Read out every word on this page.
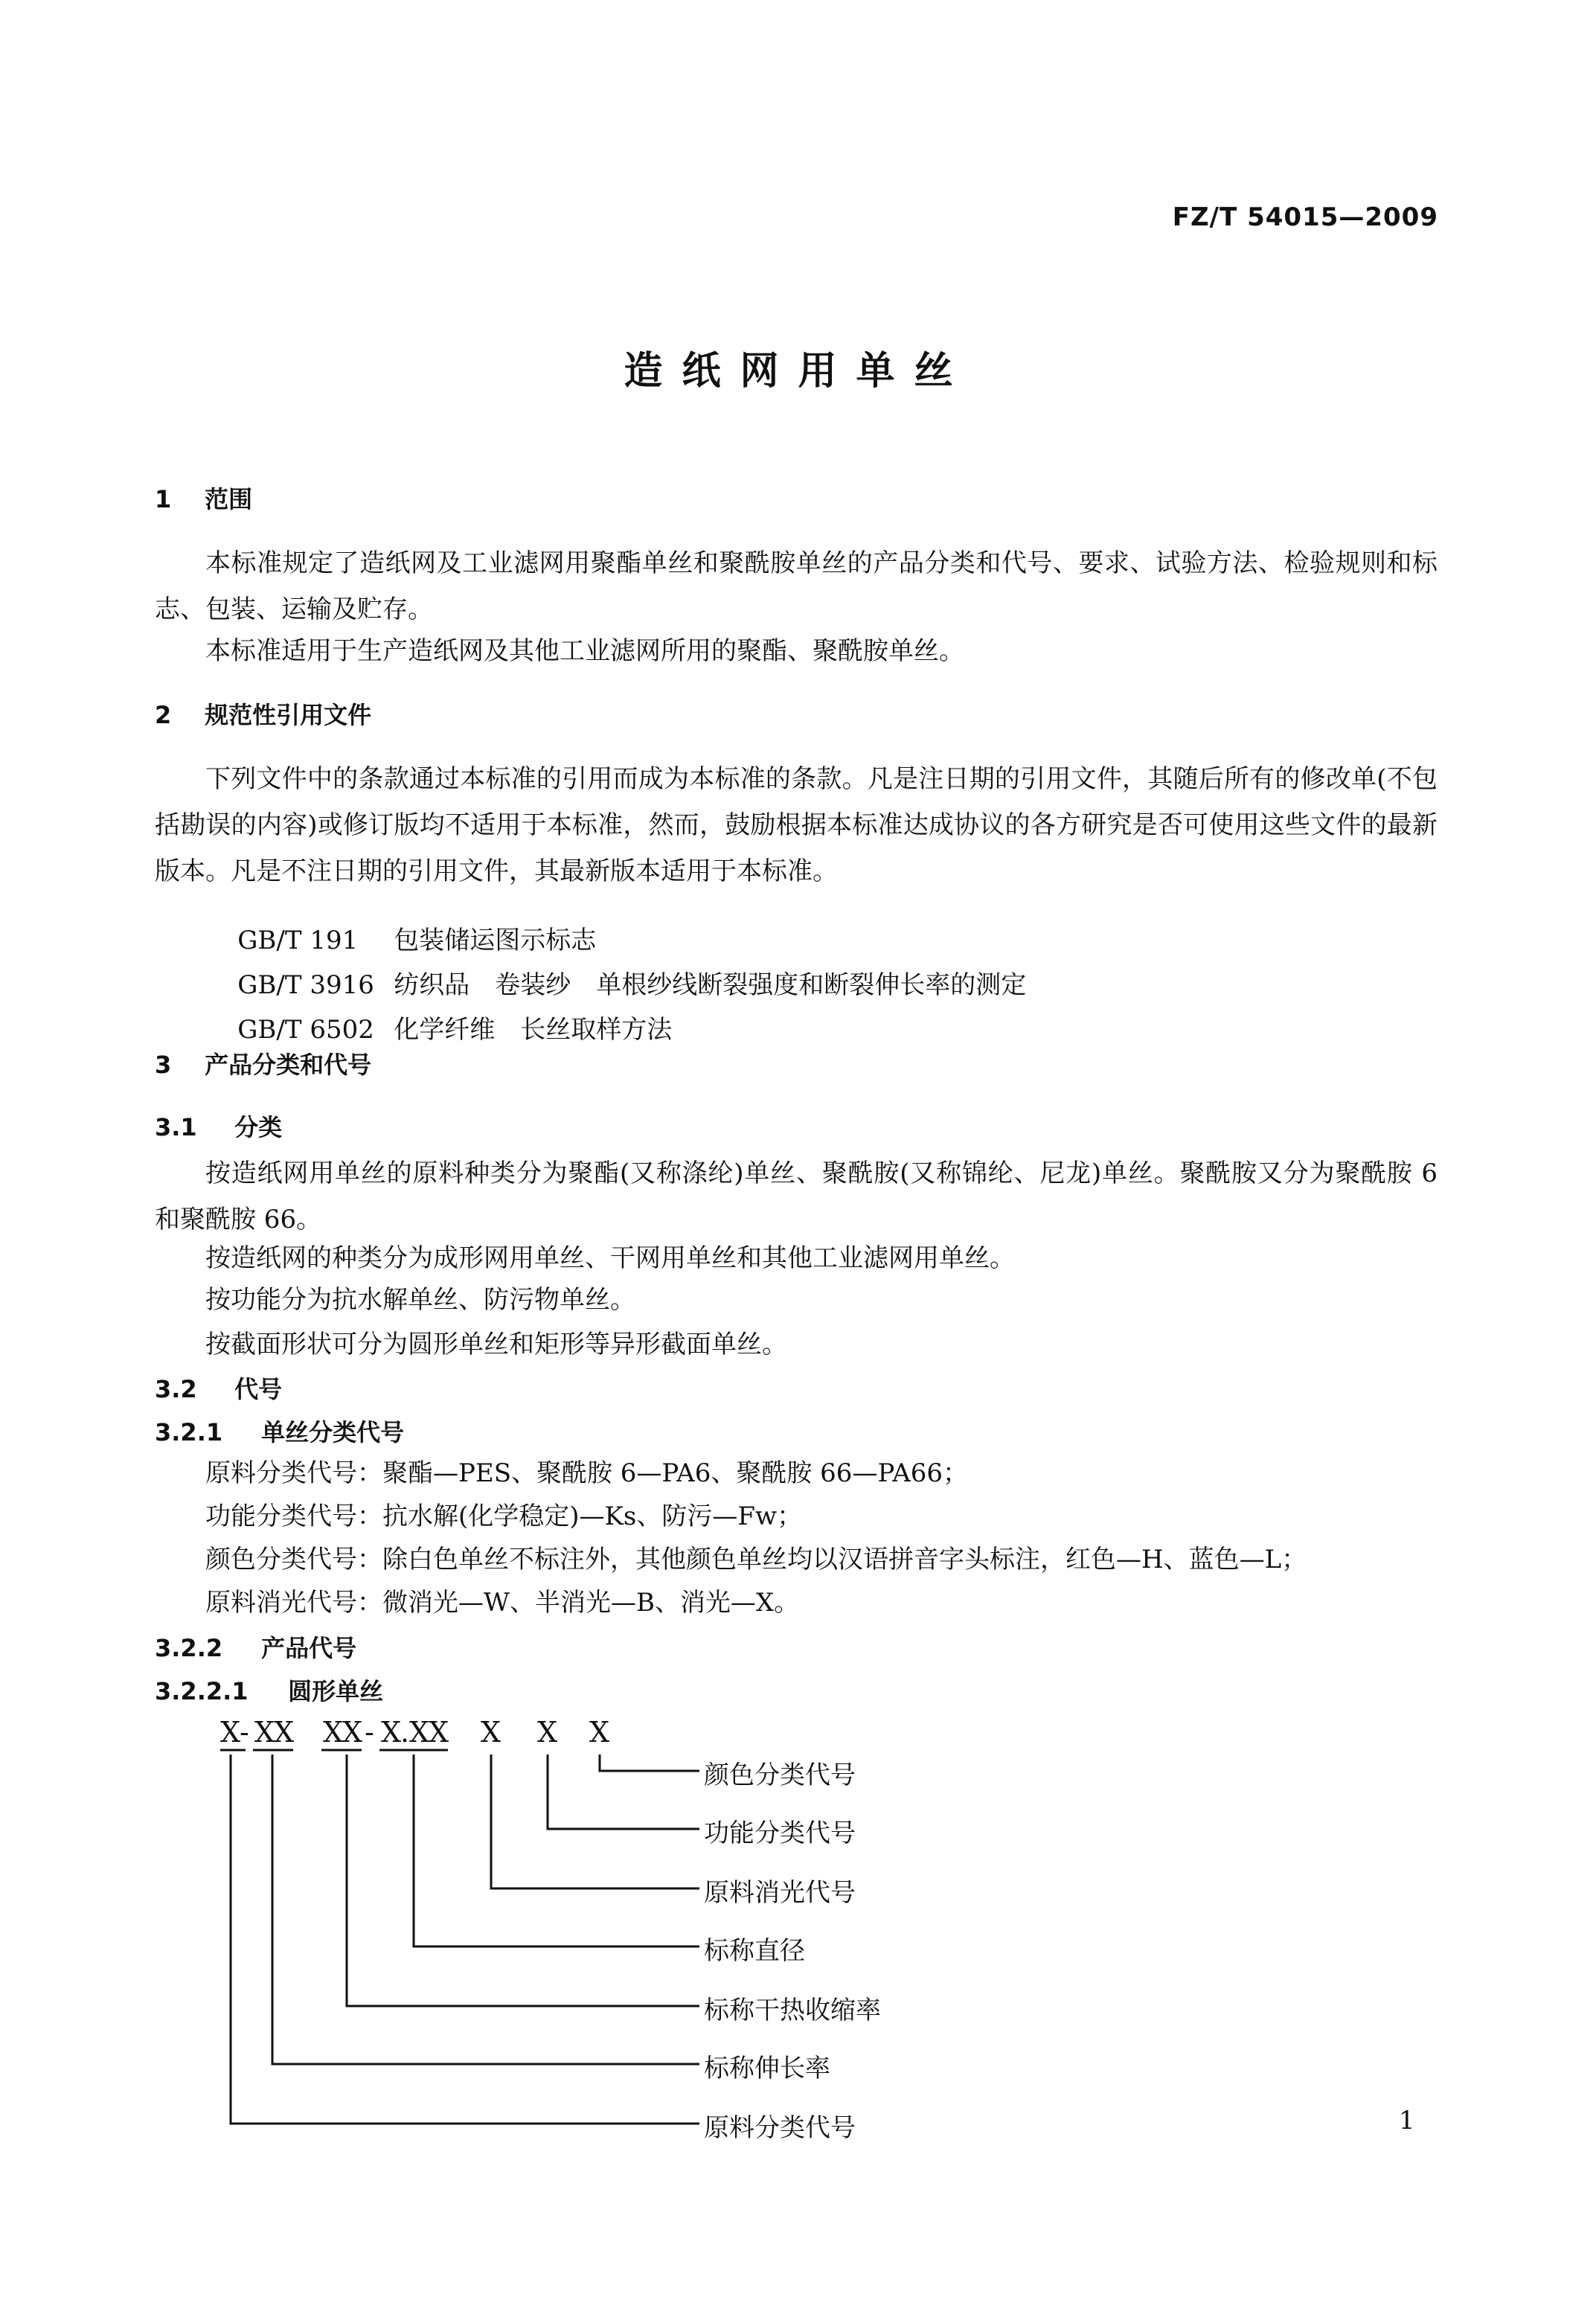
FZ/T 54015—2009
造纸网用单丝
1 范围
本标准规定了造纸网及工业滤网用聚酯单丝和聚酰胺单丝的产品分类和代号、要求、试验方法、检验规则和标志、包装、运输及贮存。
本标准适用于生产造纸网及其他工业滤网所用的聚酯、聚酰胺单丝。
2 规范性引用文件
下列文件中的条款通过本标准的引用而成为本标准的条款。凡是注日期的引用文件，其随后所有的修改单(不包括勘误的内容)或修订版均不适用于本标准，然而，鼓励根据本标准达成协议的各方研究是否可使用这些文件的最新版本。凡是不注日期的引用文件，其最新版本适用于本标准。

GB/T 191 包装储运图示标志

GB/T 3916 纺织品　卷装纱　单根纱线断裂强度和断裂伸长率的测定

GB/T 6502 化学纤维　长丝取样方法

3 产品分类和代号
3.1 分类
按造纸网用单丝的原料种类分为聚酯(又称涤纶)单丝、聚酰胺(又称锦纶、尼龙)单丝。聚酰胺又分为聚酰胺 6 和聚酰胺 66。
按造纸网的种类分为成形网用单丝、干网用单丝和其他工业滤网用单丝。
按功能分为抗水解单丝、防污物单丝。
按截面形状可分为圆形单丝和矩形等异形截面单丝。
3.2 代号
3.2.1 单丝分类代号
原料分类代号：聚酯—PES、聚酰胺 6—PA6、聚酰胺 66—PA66；
功能分类代号：抗水解(化学稳定)—Ks、防污—Fw；
颜色分类代号：除白色单丝不标注外，其他颜色单丝均以汉语拼音字头标注，红色—H、蓝色—L；
原料消光代号：微消光—W、半消光—B、消光—X。
3.2.2 产品代号
3.2.2.1 圆形单丝
X
- X
X X
X - X
. X
X X X X
颜色分类代号
功能分类代号
原料消光代号
标称直径
标称干热收缩率
标称伸长率
原料分类代号	1
